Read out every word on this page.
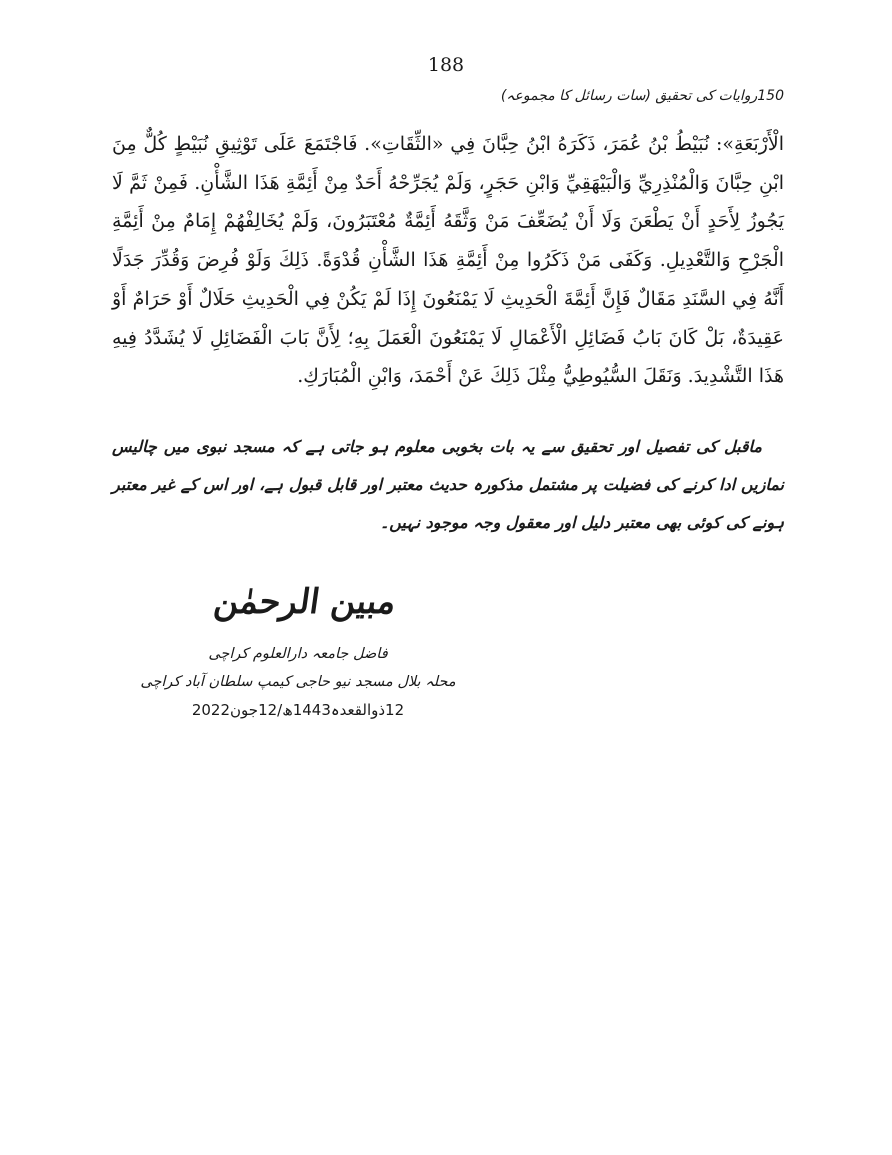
188
150روایات کی تحقیق (سات رسائل کا مجموعہ)

الْأَرْبَعَةِ»: نُبَيْطُ بْنُ عُمَرَ، ذَكَرَهُ ابْنُ حِبَّانَ فِي «الثِّقَاتِ». فَاجْتَمَعَ عَلَى تَوْثِيقِ نُبَيْطٍ كُلٌّ مِنَ ابْنِ حِبَّانَ وَالْمُنْذِرِيِّ وَالْبَيْهَقِيِّ وَابْنِ حَجَرٍ، وَلَمْ يُجَرِّحْهُ أَحَدٌ مِنْ أَئِمَّةِ هَذَا الشَّأْنِ. فَمِنْ ثَمَّ لَا يَجُوزُ لِأَحَدٍ أَنْ يَطْعَنَ وَلَا أَنْ يُضَعِّفَ مَنْ وَثَّقَهُ أَئِمَّةٌ مُعْتَبَرُونَ، وَلَمْ يُخَالِفْهُمْ إِمَامٌ مِنْ أَئِمَّةِ الْجَرْحِ وَالتَّعْدِيلِ. وَكَفَى مَنْ ذَكَرُوا مِنْ أَئِمَّةِ هَذَا الشَّأْنِ قُدْوَةً. ذَلِكَ وَلَوْ فُرِضَ وَقُدِّرَ جَدَلًا أَنَّهُ فِي السَّنَدِ مَقَالٌ فَإِنَّ أَئِمَّةَ الْحَدِيثِ لَا يَمْنَعُونَ إِذَا لَمْ يَكُنْ فِي الْحَدِيثِ حَلَالٌ أَوْ حَرَامٌ أَوْ عَقِيدَةٌ، بَلْ كَانَ بَابُ فَضَائِلِ الْأَعْمَالِ لَا يَمْنَعُونَ الْعَمَلَ بِهِ؛ لِأَنَّ بَابَ الْفَضَائِلِ لَا يُشَدَّدُ فِيهِ هَذَا التَّشْدِيدَ. وَنَقَلَ السُّيُوطِيُّ مِثْلَ ذَلِكَ عَنْ أَحْمَدَ، وَابْنِ الْمُبَارَكِ.

ماقبل کی تفصیل اور تحقیق سے یہ بات بخوبی معلوم ہو جاتی ہے کہ مسجد نبوی میں چالیس نمازیں ادا کرنے کی فضیلت پر مشتمل مذکورہ حدیث معتبر اور قابل قبول ہے، اور اس کے غیر معتبر ہونے کی کوئی بھی معتبر دلیل اور معقول وجہ موجود نہیں۔

مبین الرحمٰن
فاضل جامعہ دارالعلوم کراچی
محلہ بلال مسجد نیو حاجی کیمپ سلطان آباد کراچی
12ذوالقعدہ1443ھ/12جون2022
